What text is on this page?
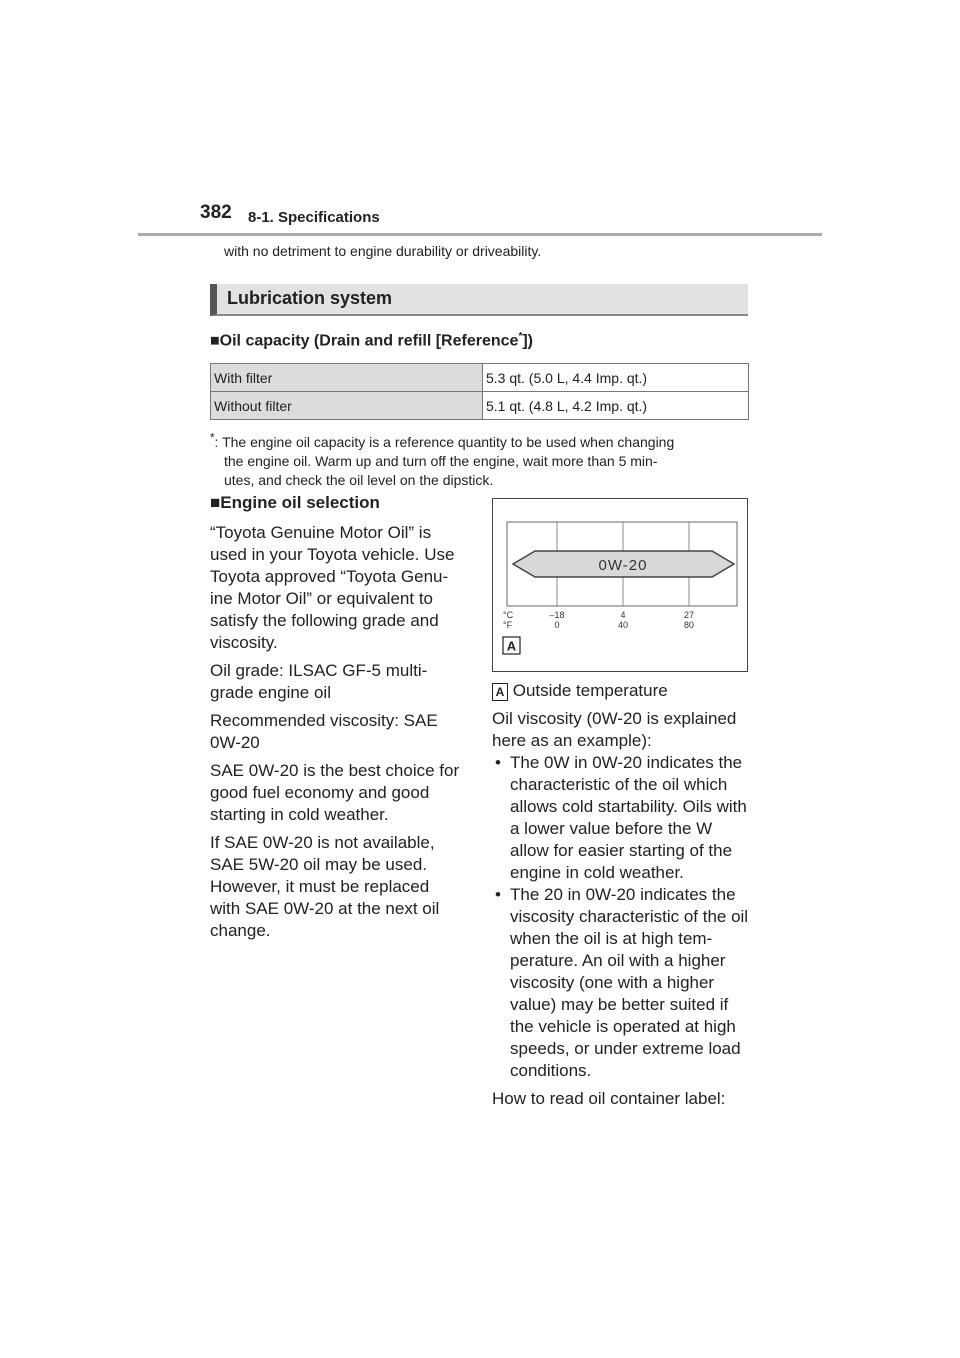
382 8-1. Specifications
with no detriment to engine durability or driveability.
Lubrication system
■Oil capacity (Drain and refill [Reference*])
With filter	5.3 qt. (5.0 L, 4.4 Imp. qt.)
Without filter	5.1 qt. (4.8 L, 4.2 Imp. qt.)
*: The engine oil capacity is a reference quantity to be used when changing
the engine oil. Warm up and turn off the engine, wait more than 5 min-
utes, and check the oil level on the dipstick.

■Engine oil selection

“Toyota Genuine Motor Oil” is used in your Toyota vehicle. Use Toyota approved “Toyota Genu-ine Motor Oil” or equivalent to satisfy the following grade and viscosity.

Oil grade: ILSAC GF-5 multi-grade engine oil

Recommended viscosity: SAE 0W-20

SAE 0W-20 is the best choice for good fuel economy and good starting in cold weather.

If SAE 0W-20 is not available, SAE 5W-20 oil may be used. However, it must be replaced with SAE 0W-20 at the next oil change.

0W-20
°C
°F
–18	4	27
0	40	80
A

A Outside temperature

Oil viscosity (0W-20 is explained here as an example):

• The 0W in 0W-20 indicates the characteristic of the oil which allows cold startability. Oils with a lower value before the W allow for easier starting of the engine in cold weather.
• The 20 in 0W-20 indicates the viscosity characteristic of the oil when the oil is at high tem-perature. An oil with a higher viscosity (one with a higher value) may be better suited if the vehicle is operated at high speeds, or under extreme load conditions.

How to read oil container label:
